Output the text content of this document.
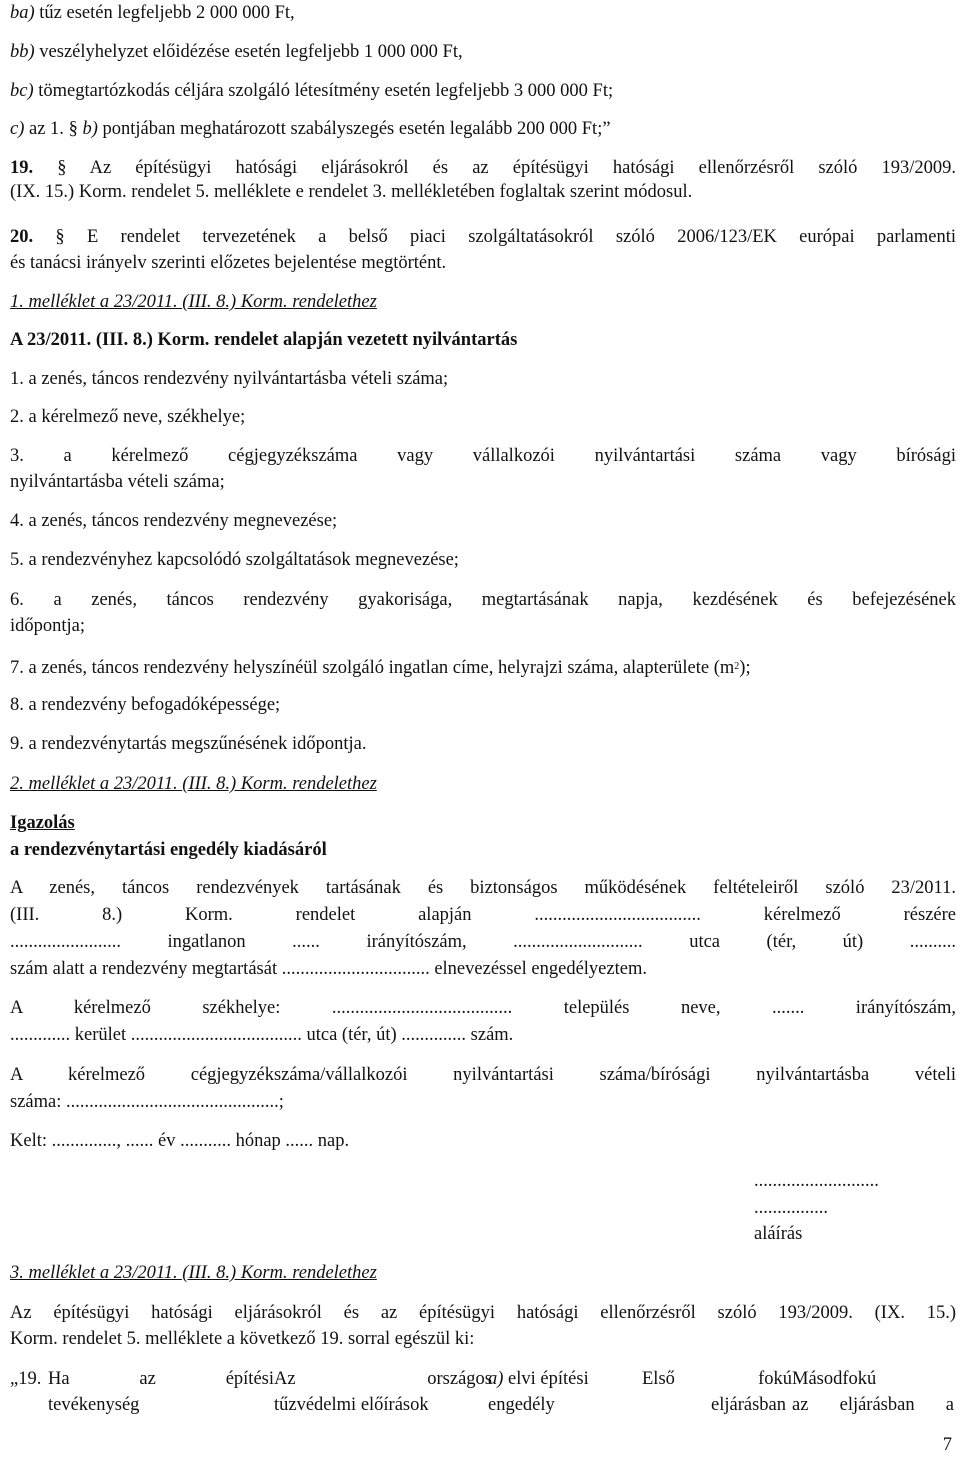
ba) tűz esetén legfeljebb 2 000 000 Ft,
bb) veszélyhelyzet előidézése esetén legfeljebb 1 000 000 Ft,
bc) tömegtartózkodás céljára szolgáló létesítmény esetén legfeljebb 3 000 000 Ft;
c) az 1. § b) pontjában meghatározott szabályszegés esetén legalább 200 000 Ft;”
19. § Az építésügyi hatósági eljárásokról és az építésügyi hatósági ellenőrzésről szóló 193/2009.
(IX. 15.) Korm. rendelet 5. melléklete e rendelet 3. mellékletében foglaltak szerint módosul.
20. § E rendelet tervezetének a belső piaci szolgáltatásokról szóló 2006/123/EK európai parlamenti
és tanácsi irányelv szerinti előzetes bejelentése megtörtént.
1. melléklet a 23/2011. (III. 8.) Korm. rendelethez
A 23/2011. (III. 8.) Korm. rendelet alapján vezetett nyilvántartás
1. a zenés, táncos rendezvény nyilvántartásba vételi száma;
2. a kérelmező neve, székhelye;
3. a kérelmező cégjegyzékszáma vagy vállalkozói nyilvántartási száma vagy bírósági
nyilvántartásba vételi száma;
4. a zenés, táncos rendezvény megnevezése;
5. a rendezvényhez kapcsolódó szolgáltatások megnevezése;
6. a zenés, táncos rendezvény gyakorisága, megtartásának napja, kezdésének és befejezésének
időpontja;
7. a zenés, táncos rendezvény helyszínéül szolgáló ingatlan címe, helyrajzi száma, alapterülete $(m^2)$;
8. a rendezvény befogadóképessége;
9. a rendezvénytartás megszűnésének időpontja.
2. melléklet a 23/2011. (III. 8.) Korm. rendelethez
Igazolás
a rendezvénytartási engedély kiadásáról
A zenés, táncos rendezvények tartásának és biztonságos működésének feltételeiről szóló 23/2011.
(III. 8.) Korm. rendelet alapján .................................... kérelmező részére
........................ ingatlanon ...... irányítószám, ............................ utca (tér, út) ..........
szám alatt a rendezvény megtartását ................................ elnevezéssel engedélyeztem.
A kérelmező székhelye: ....................................... település neve, ....... irányítószám,
............. kerület ..................................... utca (tér, út) .............. szám.
A kérelmező cégjegyzékszáma/vállalkozói nyilvántartási száma/bírósági nyilvántartásba vételi
száma: ..............................................;
Kelt: .............., ...... év ........... hónap ...... nap.
...........................
................
aláírás
3. melléklet a 23/2011. (III. 8.) Korm. rendelethez
Az építésügyi hatósági eljárásokról és az építésügyi hatósági ellenőrzésről szóló 193/2009. (IX. 15.)
Korm. rendelet 5. melléklete a következő 19. sorral egészül ki:
„19. Ha az építési
tevékenység
Az országos
tűzvédelmi előírások
a) elvi építési
engedély
Első fokú
eljárásban
Másodfokú
az eljárásban a
7
